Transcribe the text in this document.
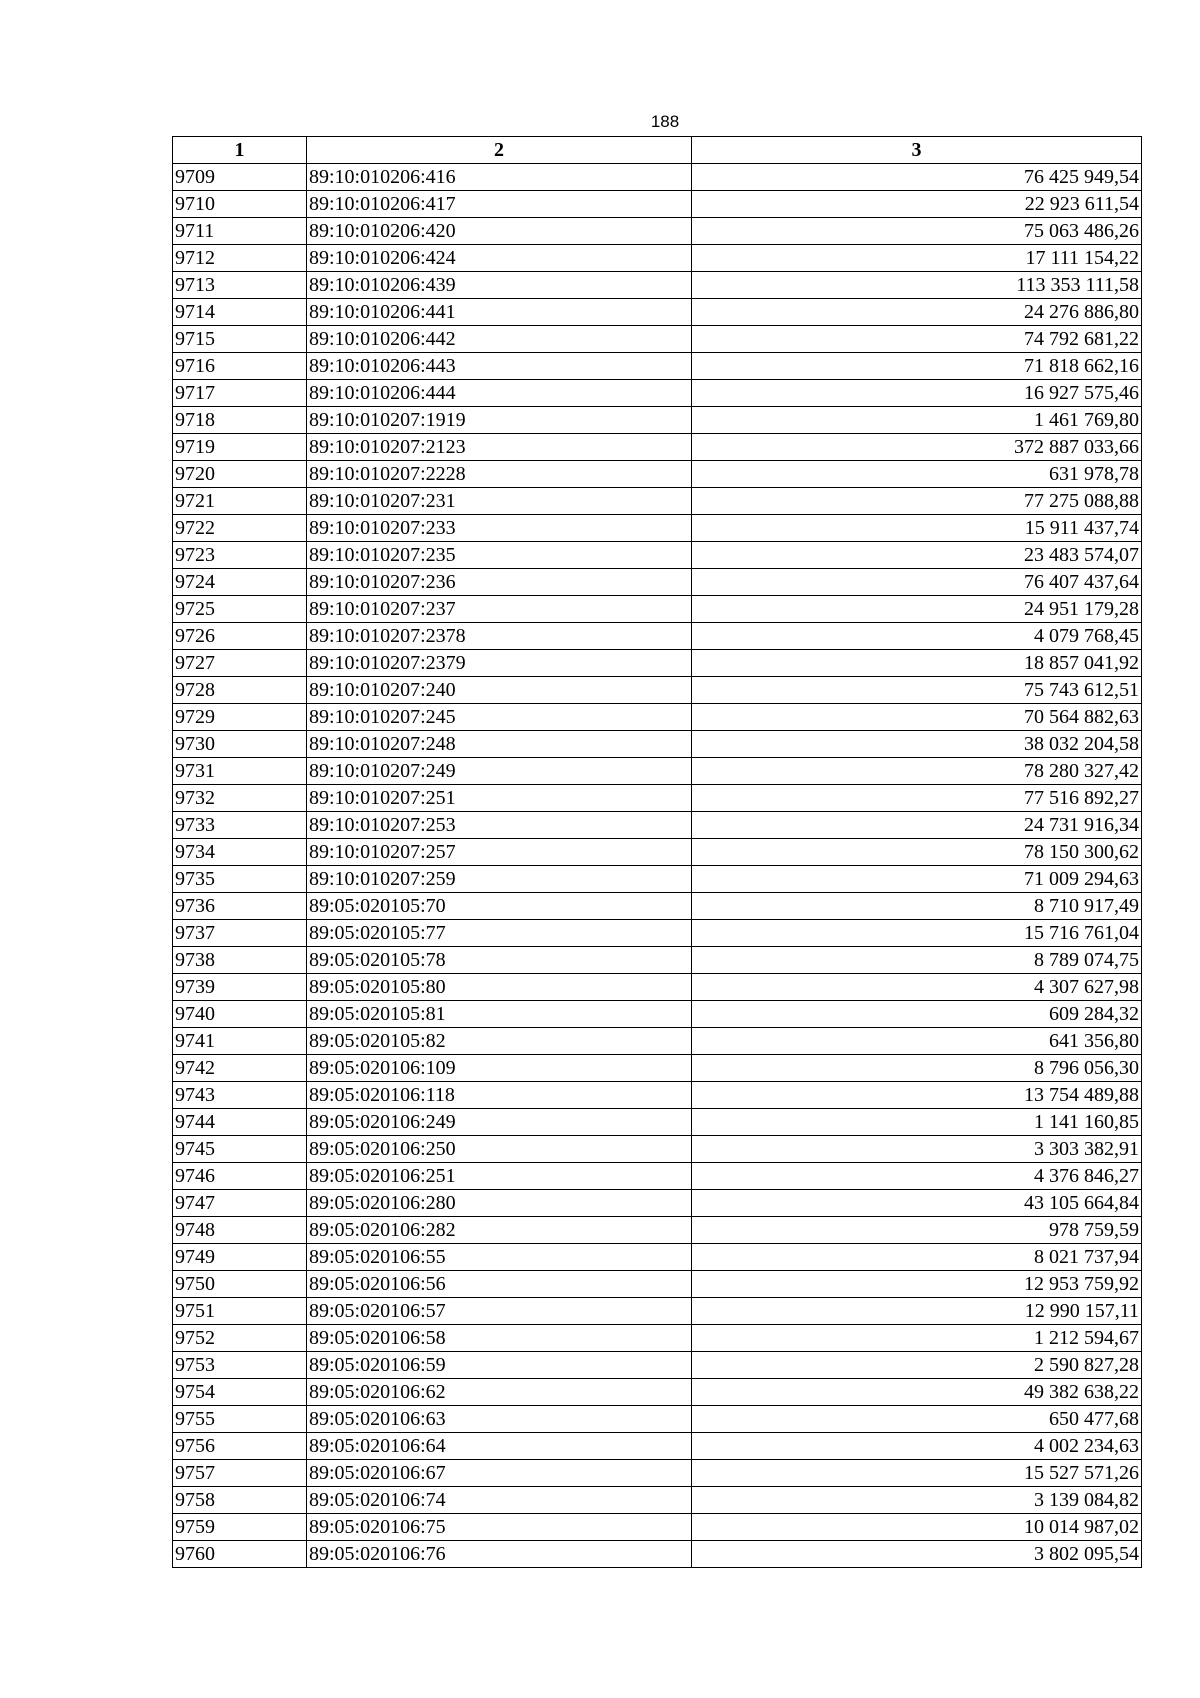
188
1	2	3
9709	89:10:010206:416	76 425 949,54
9710	89:10:010206:417	22 923 611,54
9711	89:10:010206:420	75 063 486,26
9712	89:10:010206:424	17 111 154,22
9713	89:10:010206:439	113 353 111,58
9714	89:10:010206:441	24 276 886,80
9715	89:10:010206:442	74 792 681,22
9716	89:10:010206:443	71 818 662,16
9717	89:10:010206:444	16 927 575,46
9718	89:10:010207:1919	1 461 769,80
9719	89:10:010207:2123	372 887 033,66
9720	89:10:010207:2228	631 978,78
9721	89:10:010207:231	77 275 088,88
9722	89:10:010207:233	15 911 437,74
9723	89:10:010207:235	23 483 574,07
9724	89:10:010207:236	76 407 437,64
9725	89:10:010207:237	24 951 179,28
9726	89:10:010207:2378	4 079 768,45
9727	89:10:010207:2379	18 857 041,92
9728	89:10:010207:240	75 743 612,51
9729	89:10:010207:245	70 564 882,63
9730	89:10:010207:248	38 032 204,58
9731	89:10:010207:249	78 280 327,42
9732	89:10:010207:251	77 516 892,27
9733	89:10:010207:253	24 731 916,34
9734	89:10:010207:257	78 150 300,62
9735	89:10:010207:259	71 009 294,63
9736	89:05:020105:70	8 710 917,49
9737	89:05:020105:77	15 716 761,04
9738	89:05:020105:78	8 789 074,75
9739	89:05:020105:80	4 307 627,98
9740	89:05:020105:81	609 284,32
9741	89:05:020105:82	641 356,80
9742	89:05:020106:109	8 796 056,30
9743	89:05:020106:118	13 754 489,88
9744	89:05:020106:249	1 141 160,85
9745	89:05:020106:250	3 303 382,91
9746	89:05:020106:251	4 376 846,27
9747	89:05:020106:280	43 105 664,84
9748	89:05:020106:282	978 759,59
9749	89:05:020106:55	8 021 737,94
9750	89:05:020106:56	12 953 759,92
9751	89:05:020106:57	12 990 157,11
9752	89:05:020106:58	1 212 594,67
9753	89:05:020106:59	2 590 827,28
9754	89:05:020106:62	49 382 638,22
9755	89:05:020106:63	650 477,68
9756	89:05:020106:64	4 002 234,63
9757	89:05:020106:67	15 527 571,26
9758	89:05:020106:74	3 139 084,82
9759	89:05:020106:75	10 014 987,02
9760	89:05:020106:76	3 802 095,54
